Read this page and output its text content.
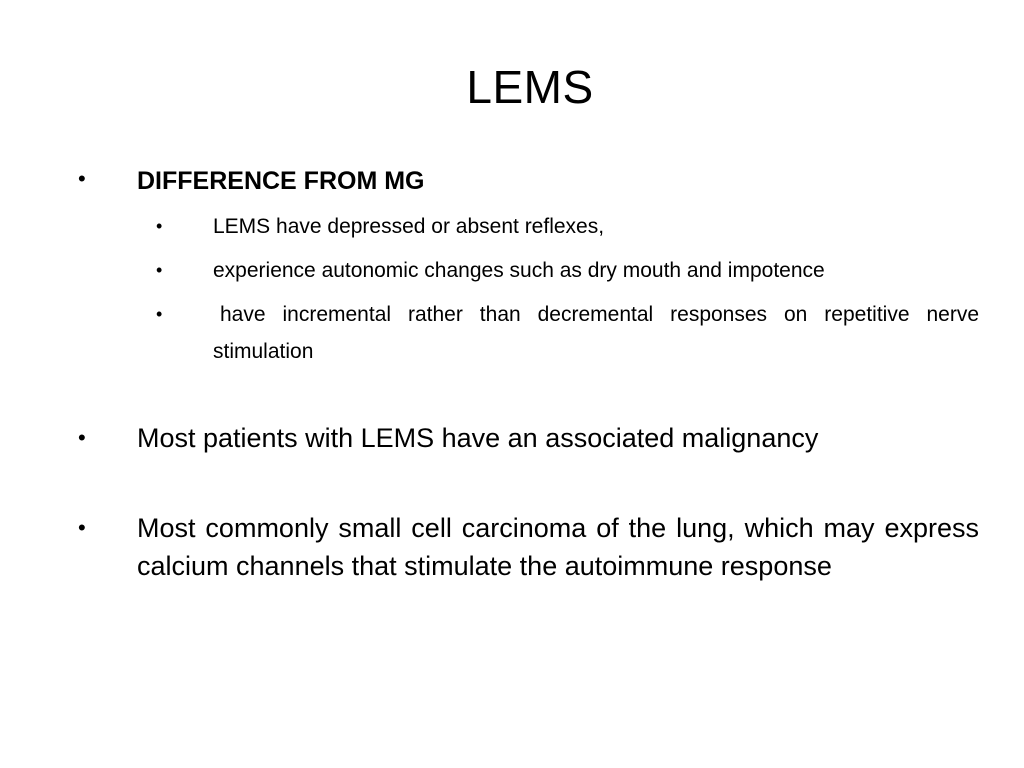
LEMS
• DIFFERENCE FROM MG
• LEMS have depressed or absent reflexes,
• experience autonomic changes such as dry mouth and impotence
•	have incremental rather than decremental responses on repetitive nerve stimulation
• Most patients with LEMS have an associated malignancy
• Most commonly small cell carcinoma of the lung, which may express calcium channels that stimulate the autoimmune response
